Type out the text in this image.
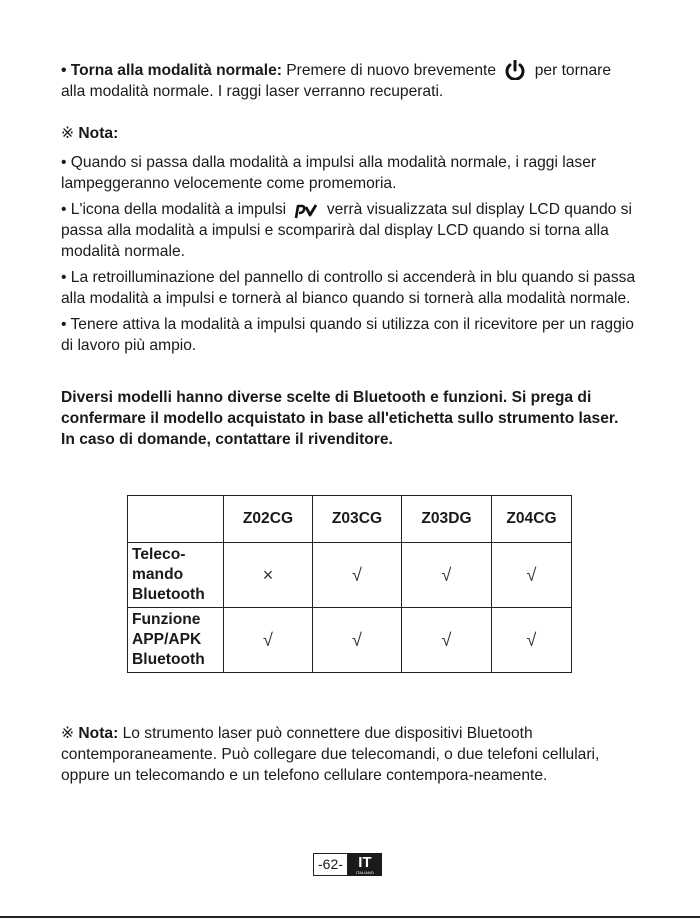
• Torna alla modalità normale: Premere di nuovo brevemente per tornare alla modalità normale. I raggi laser verranno recuperati.

※ Nota:

• Quando si passa dalla modalità a impulsi alla modalità normale, i raggi laser lampeggeranno velocemente come promemoria.

• L'icona della modalità a impulsi	verrà visualizzata sul display LCD quando si passa alla modalità a impulsi e scomparirà dal display LCD quando si torna alla modalità normale.

• La retroilluminazione del pannello di controllo si accenderà in blu quando si passa alla modalità a impulsi e tornerà al bianco quando si tornerà alla modalità normale.

• Tenere attiva la modalità a impulsi quando si utilizza con il ricevitore per un raggio di lavoro più ampio.

Diversi modelli hanno diverse scelte di Bluetooth e funzioni. Si prega di confermare il modello acquistato in base all'etichetta sullo strumento laser. In caso di domande, contattare il rivenditore.

	Z02CG	Z03CG	Z03DG	Z04CG
Teleco-
mando
Bluetooth	×	√	√	√
Funzione
APP/APK
Bluetooth	√	√	√	√

※ Nota: Lo strumento laser può connettere due dispositivi Bluetooth contemporaneamente. Può collegare due telecomandi, o due telefoni cellulari, oppure un telecomando e un telefono cellulare contempora-neamente.

-62-	IT
ITALIANO
